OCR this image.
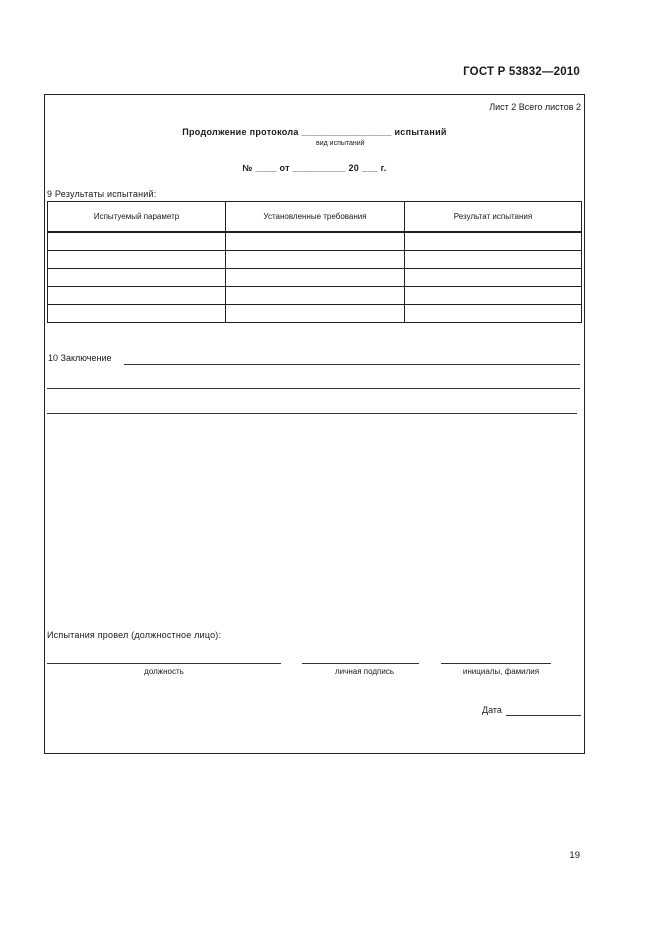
ГОСТ Р 53832—2010
Лист 2 Всего листов 2
Продолжение протокола _________________ испытаний
вид испытаний
№ ____ от __________ 20 ___ г.
9 Результаты испытаний:
Испытуемый параметр	Установленные требования	Результат испытания

10 Заключение
Испытания провел (должностное лицо):
должность	личная подпись	инициалы, фамилия
Дата
19
